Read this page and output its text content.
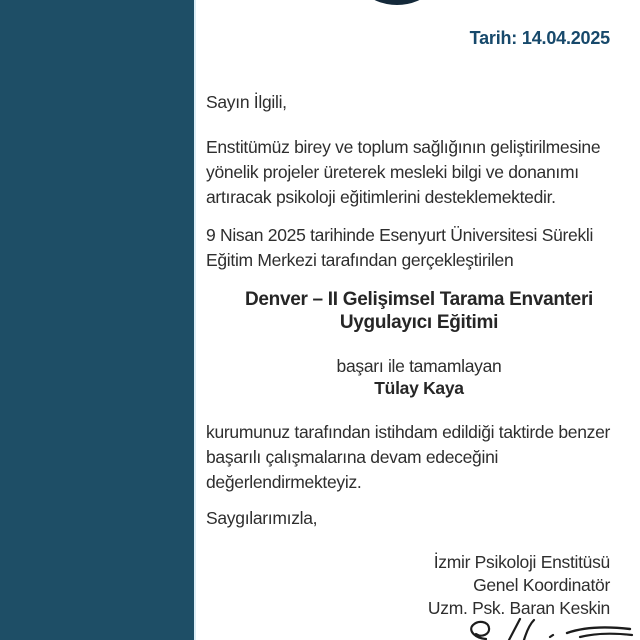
Tarih: 14.04.2025
Sayın İlgili,
Enstitümüz birey ve toplum sağlığının geliştirilmesine
yönelik projeler üreterek mesleki bilgi ve donanımı
artıracak psikoloji eğitimlerini desteklemektedir.
9 Nisan 2025 tarihinde Esenyurt Üniversitesi Sürekli
Eğitim Merkezi tarafından gerçekleştirilen
Denver – II Gelişimsel Tarama Envanteri
Uygulayıcı Eğitimi
başarı ile tamamlayan
Tülay Kaya
kurumunuz tarafından istihdam edildiği taktirde benzer
başarılı çalışmalarına devam edeceğini
değerlendirmekteyiz.
Saygılarımızla,
İzmir Psikoloji Enstitüsü
Genel Koordinatör
Uzm. Psk. Baran Keskin
